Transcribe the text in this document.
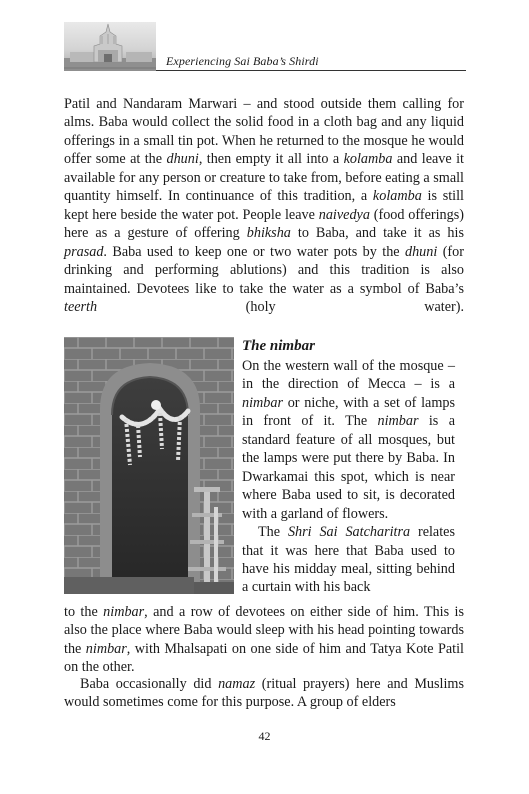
Experiencing Sai Baba’s Shirdi

Patil and Nandaram Marwari – and stood outside them calling for alms. Baba would collect the solid food in a cloth bag and any liquid offerings in a small tin pot. When he returned to the mosque he would offer some at the dhuni, then empty it all into a kolamba and leave it available for any person or creature to take from, before eating a small quantity himself. In continuance of this tradition, a kolamba is still kept here beside the water pot. People leave naivedya (food offerings) here as a gesture of offering bhiksha to Baba, and take it as his prasad. Baba used to keep one or two water pots by the dhuni (for drinking and performing ablutions) and this tradition is also maintained. Devotees like to take the water as a symbol of Baba’s teerth (holy water).

The nimbar

On the western wall of the mosque – in the direction of Mecca – is a nimbar or niche, with a set of lamps in front of it. The nimbar is a standard feature of all mosques, but the lamps were put there by Baba. In Dwarkamai this spot, which is near where Baba used to sit, is decorated with a garland of flowers.

The Shri Sai Satcharitra relates that it was here that Baba used to have his midday meal, sitting behind a curtain with his back

to the nimbar, and a row of devotees on either side of him. This is also the place where Baba would sleep with his head pointing towards the nimbar, with Mhalsapati on one side of him and Tatya Kote Patil on the other.

Baba occasionally did namaz (ritual prayers) here and Muslims would sometimes come for this purpose. A group of elders

42
